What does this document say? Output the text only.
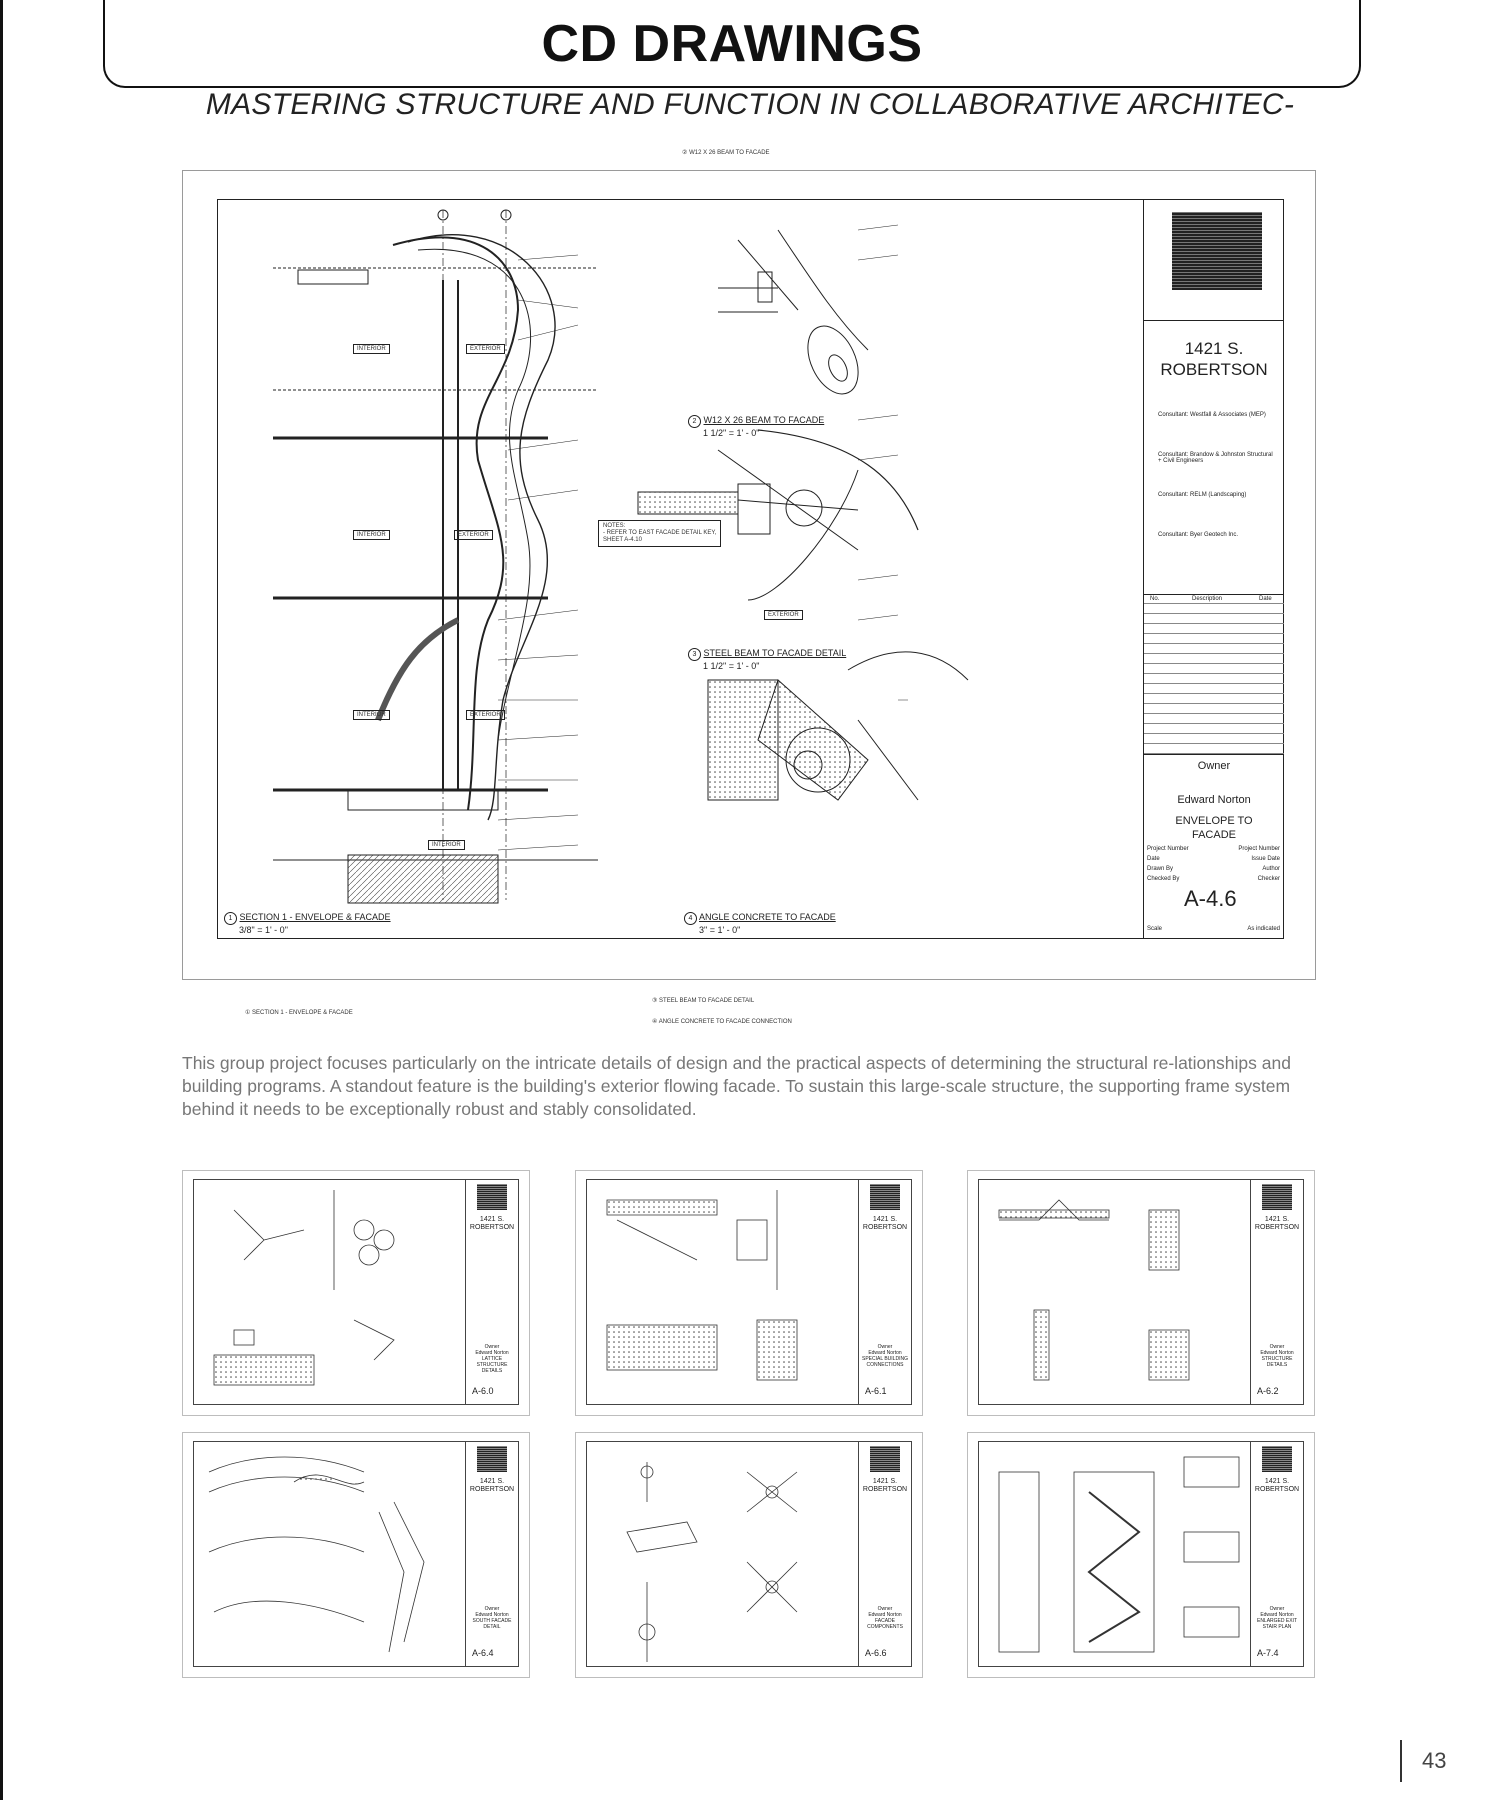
CD DRAWINGS

MASTERING STRUCTURE AND FUNCTION IN COLLABORATIVE ARCHITEC-

② W12 X 26 BEAM TO FACADE
INTERIOR	EXTERIOR
INTERIOR	EXTERIOR
INTERIOR	EXTERIOR
INTERIOR
EXTERIOR
NOTES:
- REFER TO EAST FACADE DETAIL KEY,
SHEET A-4.10
2 W12 X 26 BEAM TO FACADE
1 1/2" = 1' - 0"
3 STEEL BEAM TO FACADE DETAIL
1 1/2" = 1' - 0"
1 SECTION 1 - ENVELOPE & FACADE
3/8" = 1' - 0"
4 ANGLE CONCRETE TO FACADE
3" = 1' - 0"
1421 S.
ROBERTSON
Consultant: Westfall & Associates (MEP)
Consultant: Brandow & Johnston Structural + Civil Engineers
Consultant: RELM (Landscaping)
Consultant: Byer Geotech Inc.
No.	Description	Date
Owner
Edward Norton
ENVELOPE TO
FACADE
Project Number	Project Number
Date	Issue Date
Drawn By	Author
Checked By	Checker
A-4.6
Scale	As indicated
① SECTION 1 - ENVELOPE & FACADE
③ STEEL BEAM TO FACADE DETAIL
④ ANGLE CONCRETE TO FACADE CONNECTION

This group project focuses particularly on the intricate details of design and the practical aspects of determining the structural re-lationships and building programs. A standout feature is the building's exterior flowing facade. To sustain this large-scale structure, the supporting frame system behind it needs to be exceptionally robust and stably consolidated.

1421 S.
ROBERTSON
Owner
Edward Norton
LATTICE
STRUCTURE
DETAILS
A-6.0
1421 S.
ROBERTSON
Owner
Edward Norton
SPECIAL BUILDING
CONNECTIONS
A-6.1
1421 S.
ROBERTSON
Owner
Edward Norton
STRUCTURE
DETAILS
A-6.2
1421 S.
ROBERTSON
Owner
Edward Norton
SOUTH FACADE
DETAIL
A-6.4
1421 S.
ROBERTSON
Owner
Edward Norton
FACADE
COMPONENTS
A-6.6
1421 S.
ROBERTSON
Owner
Edward Norton
ENLARGED EXIT
STAIR PLAN
A-7.4
43
